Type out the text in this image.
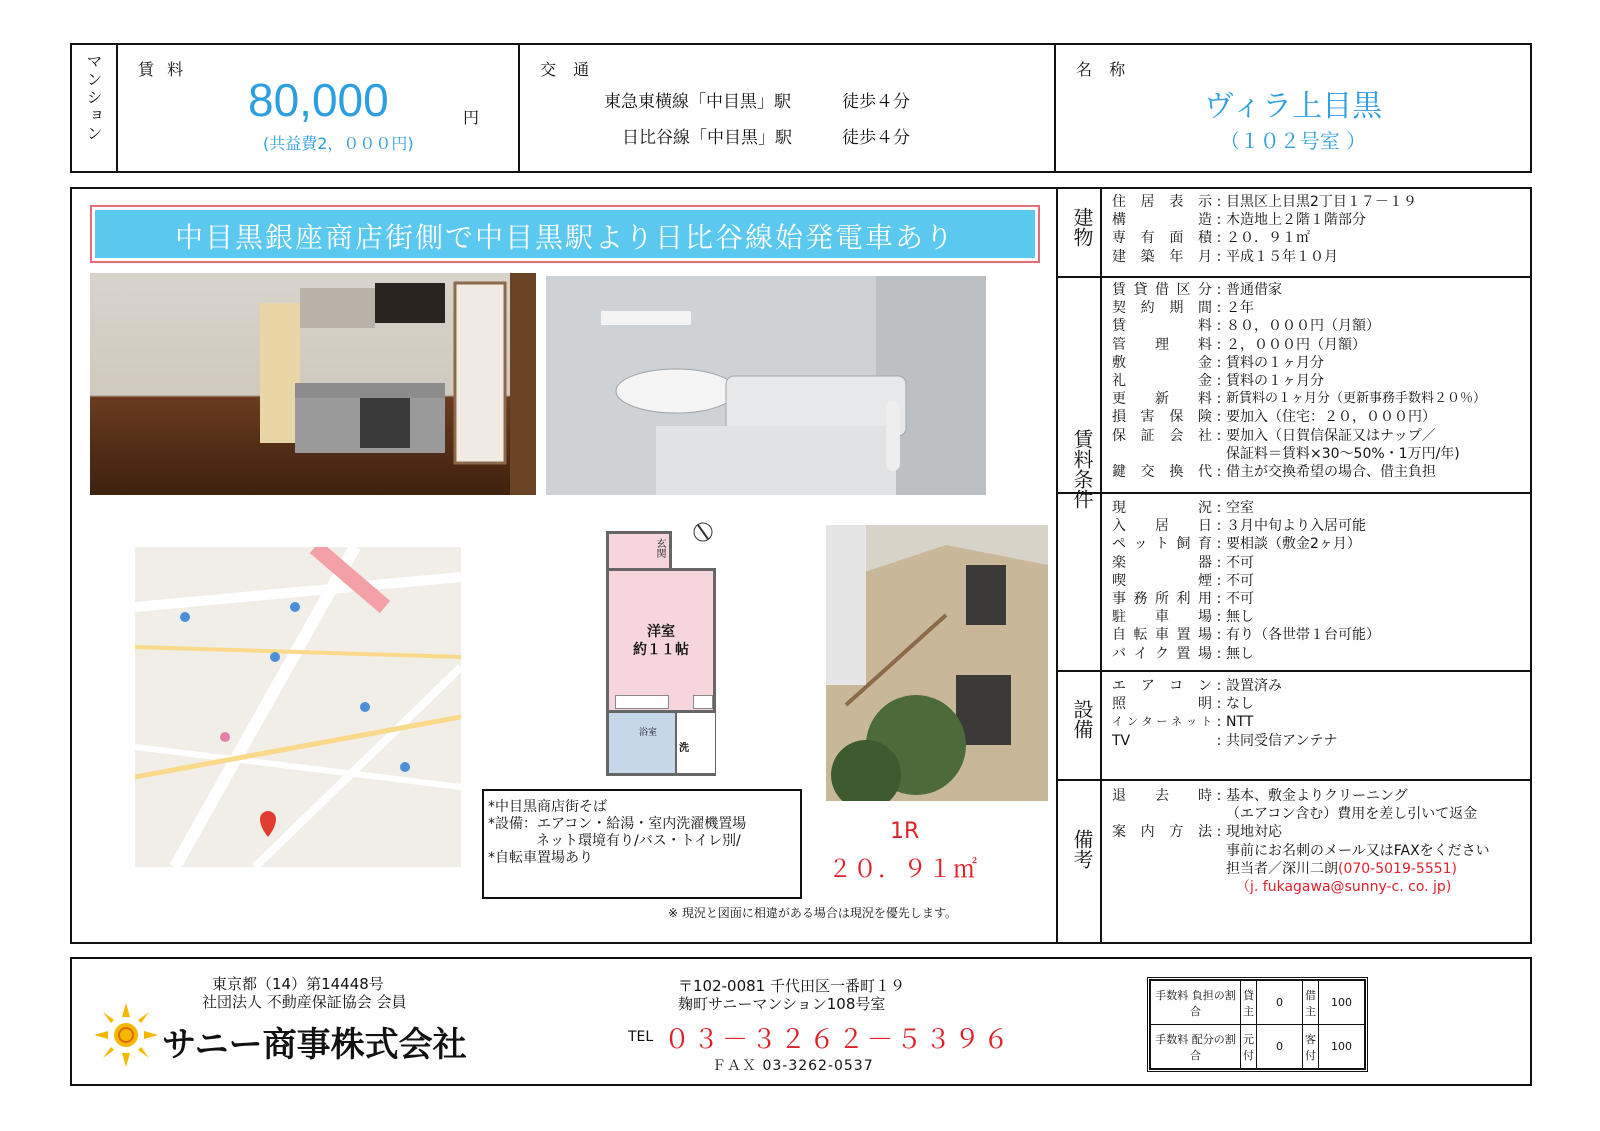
マンション 賃 料
80,000	円
(共益費2，０００円)
交 通
東急東横線「中目黒」駅	徒歩４分
日比谷線「中目黒」駅	徒歩４分
名 称
ヴィラ上目黒
（１０２号室 ）
中目黒銀座商店街側で中目黒駅より日比谷線始発電車あり
玄関
洋室
約１１帖
浴室
洗
*中目黒商店街そば
*設備：エアコン・給湯・室内洗濯機置場
ネット環境有り/バス・トイレ別/
*自転車置場あり
1R
２０．９１㎡
※ 現況と図面に相違がある場合は現況を優先します。
建物
賃料条件
設備
備考
住居表示 : 目黒区上目黒2丁目１７－１９
構造 : 木造地上２階１階部分
専有面積 : ２０．９１㎡
建築年月 : 平成１５年１０月
賃貸借区分 : 普通借家
契約期間 : ２年
賃料 : ８０，０００円（月額）
管理料 : ２，０００円（月額）
敷金 : 賃料の１ヶ月分
礼金 : 賃料の１ヶ月分
更新料 : 新賃料の１ヶ月分（更新事務手数料２０％）
損害保険 : 要加入（住宅：２０，０００円）
保証会社 : 要加入（日賀信保証又はナップ／
保証料＝賃料×30～50%・1万円/年)
鍵交換代 : 借主が交換希望の場合、借主負担
現況 : 空室
入居日 : ３月中旬より入居可能
ペット飼育 : 要相談（敷金2ヶ月）
楽器 : 不可
喫煙 : 不可
事務所利用 : 不可
駐車場 : 無し
自転車置場 : 有り（各世帯１台可能）
バイク置場 : 無し
エアコン : 設置済み
照明 : なし
インターネット : NTT
TV	: 共同受信アンテナ
退去時 : 基本、敷金よりクリーニング
（エアコン含む）費用を差し引いて返金
案内方法 : 現地対応
事前にお名刺のメール又はFAXをください
担当者／深川二朗(070-5019-5551)
（j. fukagawa@sunny-c. co. jp)
東京都（14）第14448号
社団法人 不動産保証協会 会員
サニー商事株式会社
〒102-0081 千代田区一番町１９
麹町サニーマンション108号室
TEL ０３－３２６２－５３９６
ＦＡＸ 03-3262-0537
手数料 負担の割合	貸主	0	借主	100
手数料 配分の割合	元付	0	客付	100
